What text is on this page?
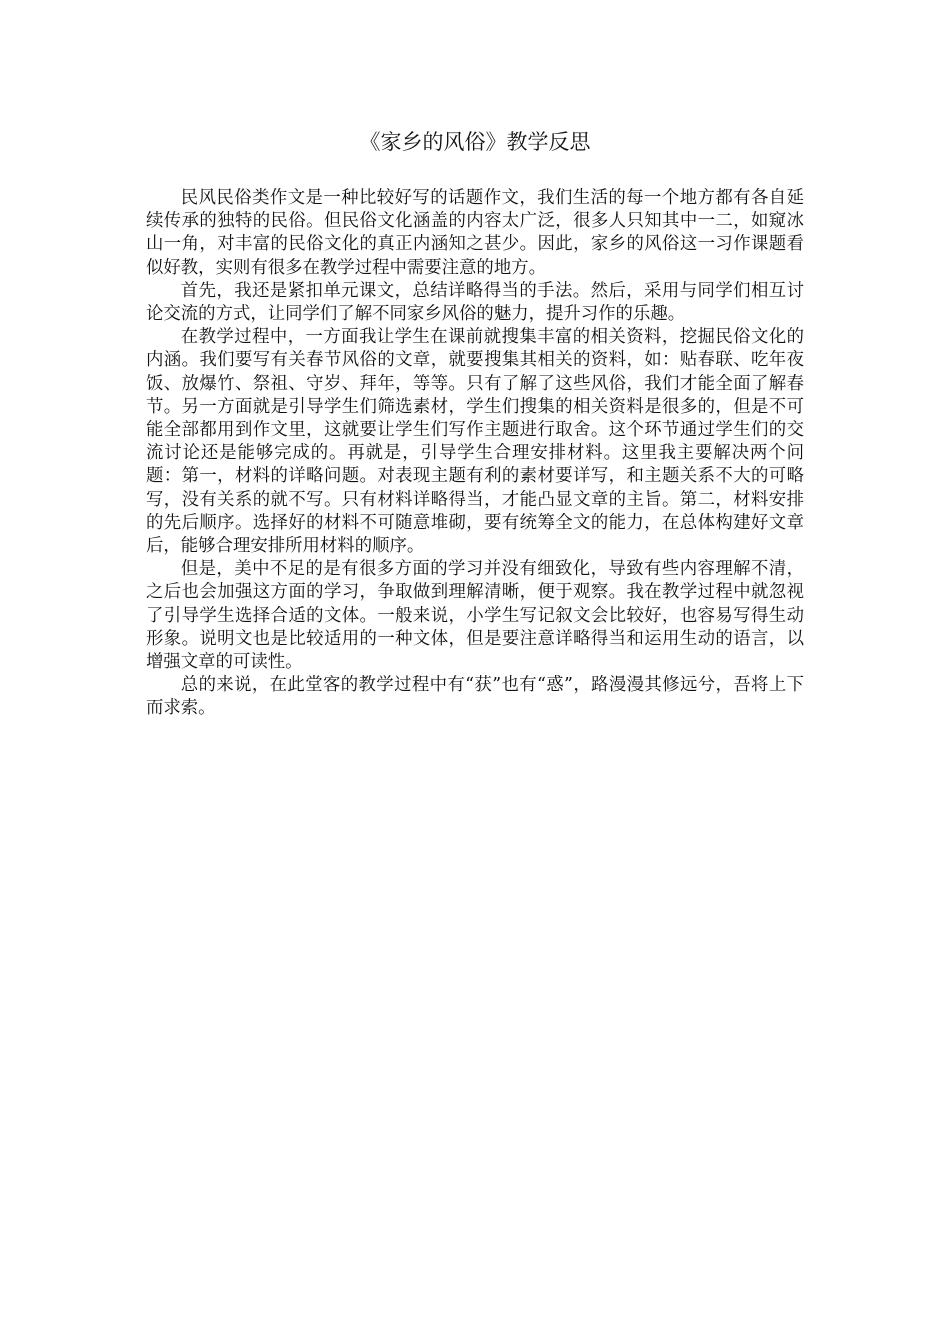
《家乡的风俗》教学反思

民风民俗类作文是一种比较好写的话题作文，我们生活的每一个地方都有各自延续传承的独特的民俗。但民俗文化涵盖的内容太广泛，很多人只知其中一二，如窥冰山一角，对丰富的民俗文化的真正内涵知之甚少。因此，家乡的风俗这一习作课题看似好教，实则有很多在教学过程中需要注意的地方。

首先，我还是紧扣单元课文，总结详略得当的手法。然后，采用与同学们相互讨论交流的方式，让同学们了解不同家乡风俗的魅力，提升习作的乐趣。

在教学过程中，一方面我让学生在课前就搜集丰富的相关资料，挖掘民俗文化的内涵。我们要写有关春节风俗的文章，就要搜集其相关的资料，如：贴春联、吃年夜饭、放爆竹、祭祖、守岁、拜年，等等。只有了解了这些风俗，我们才能全面了解春节。另一方面就是引导学生们筛选素材，学生们搜集的相关资料是很多的，但是不可能全部都用到作文里，这就要让学生们写作主题进行取舍。这个环节通过学生们的交流讨论还是能够完成的。再就是，引导学生合理安排材料。这里我主要解决两个问题：第一，材料的详略问题。对表现主题有利的素材要详写，和主题关系不大的可略写，没有关系的就不写。只有材料详略得当，才能凸显文章的主旨。第二，材料安排的先后顺序。选择好的材料不可随意堆砌，要有统筹全文的能力，在总体构建好文章后，能够合理安排所用材料的顺序。

但是，美中不足的是有很多方面的学习并没有细致化，导致有些内容理解不清，之后也会加强这方面的学习，争取做到理解清晰，便于观察。我在教学过程中就忽视了引导学生选择合适的文体。一般来说，小学生写记叙文会比较好，也容易写得生动形象。说明文也是比较适用的一种文体，但是要注意详略得当和运用生动的语言，以增强文章的可读性。

总的来说，在此堂客的教学过程中有“获”也有“惑”，路漫漫其修远兮，吾将上下而求索。
